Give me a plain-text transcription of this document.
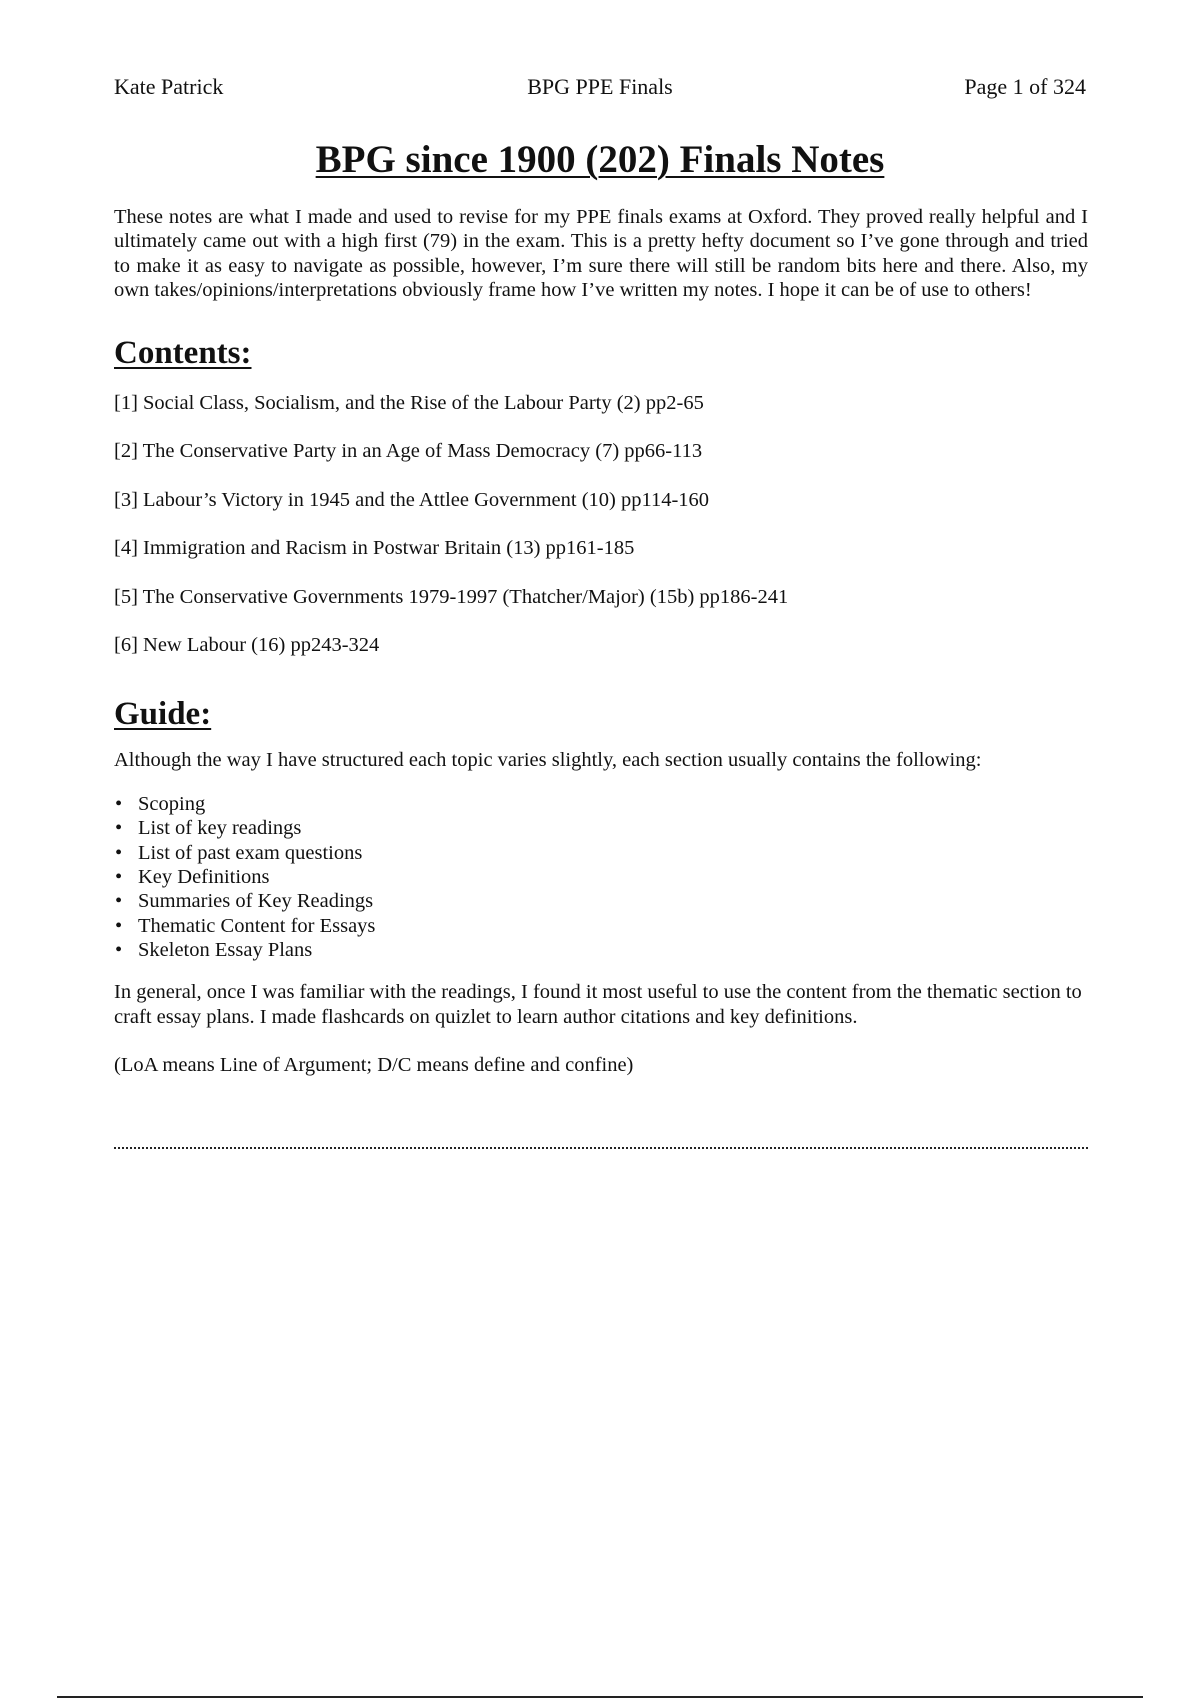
Kate Patrick	BPG PPE Finals	Page 1 of 324
BPG since 1900 (202) Finals Notes

These notes are what I made and used to revise for my PPE finals exams at Oxford. They proved really helpful and I ultimately came out with a high first (79) in the exam. This is a pretty hefty document so I’ve gone through and tried to make it as easy to navigate as possible, however, I’m sure there will still be random bits here and there. Also, my own takes/opinions/interpretations obviously frame how I’ve written my notes. I hope it can be of use to others!

Contents:
[1] Social Class, Socialism, and the Rise of the Labour Party (2) pp2-65
[2] The Conservative Party in an Age of Mass Democracy (7) pp66-113
[3] Labour’s Victory in 1945 and the Attlee Government (10) pp114-160
[4] Immigration and Racism in Postwar Britain (13) pp161-185
[5] The Conservative Governments 1979-1997 (Thatcher/Major) (15b) pp186-241
[6] New Labour (16) pp243-324
Guide:

Although the way I have structured each topic varies slightly, each section usually contains the following:

• Scoping
• List of key readings
• List of past exam questions
• Key Definitions
• Summaries of Key Readings
• Thematic Content for Essays
• Skeleton Essay Plans

In general, once I was familiar with the readings, I found it most useful to use the content from the thematic section to craft essay plans. I made flashcards on quizlet to learn author citations and key definitions.

(LoA means Line of Argument; D/C means define and confine)
